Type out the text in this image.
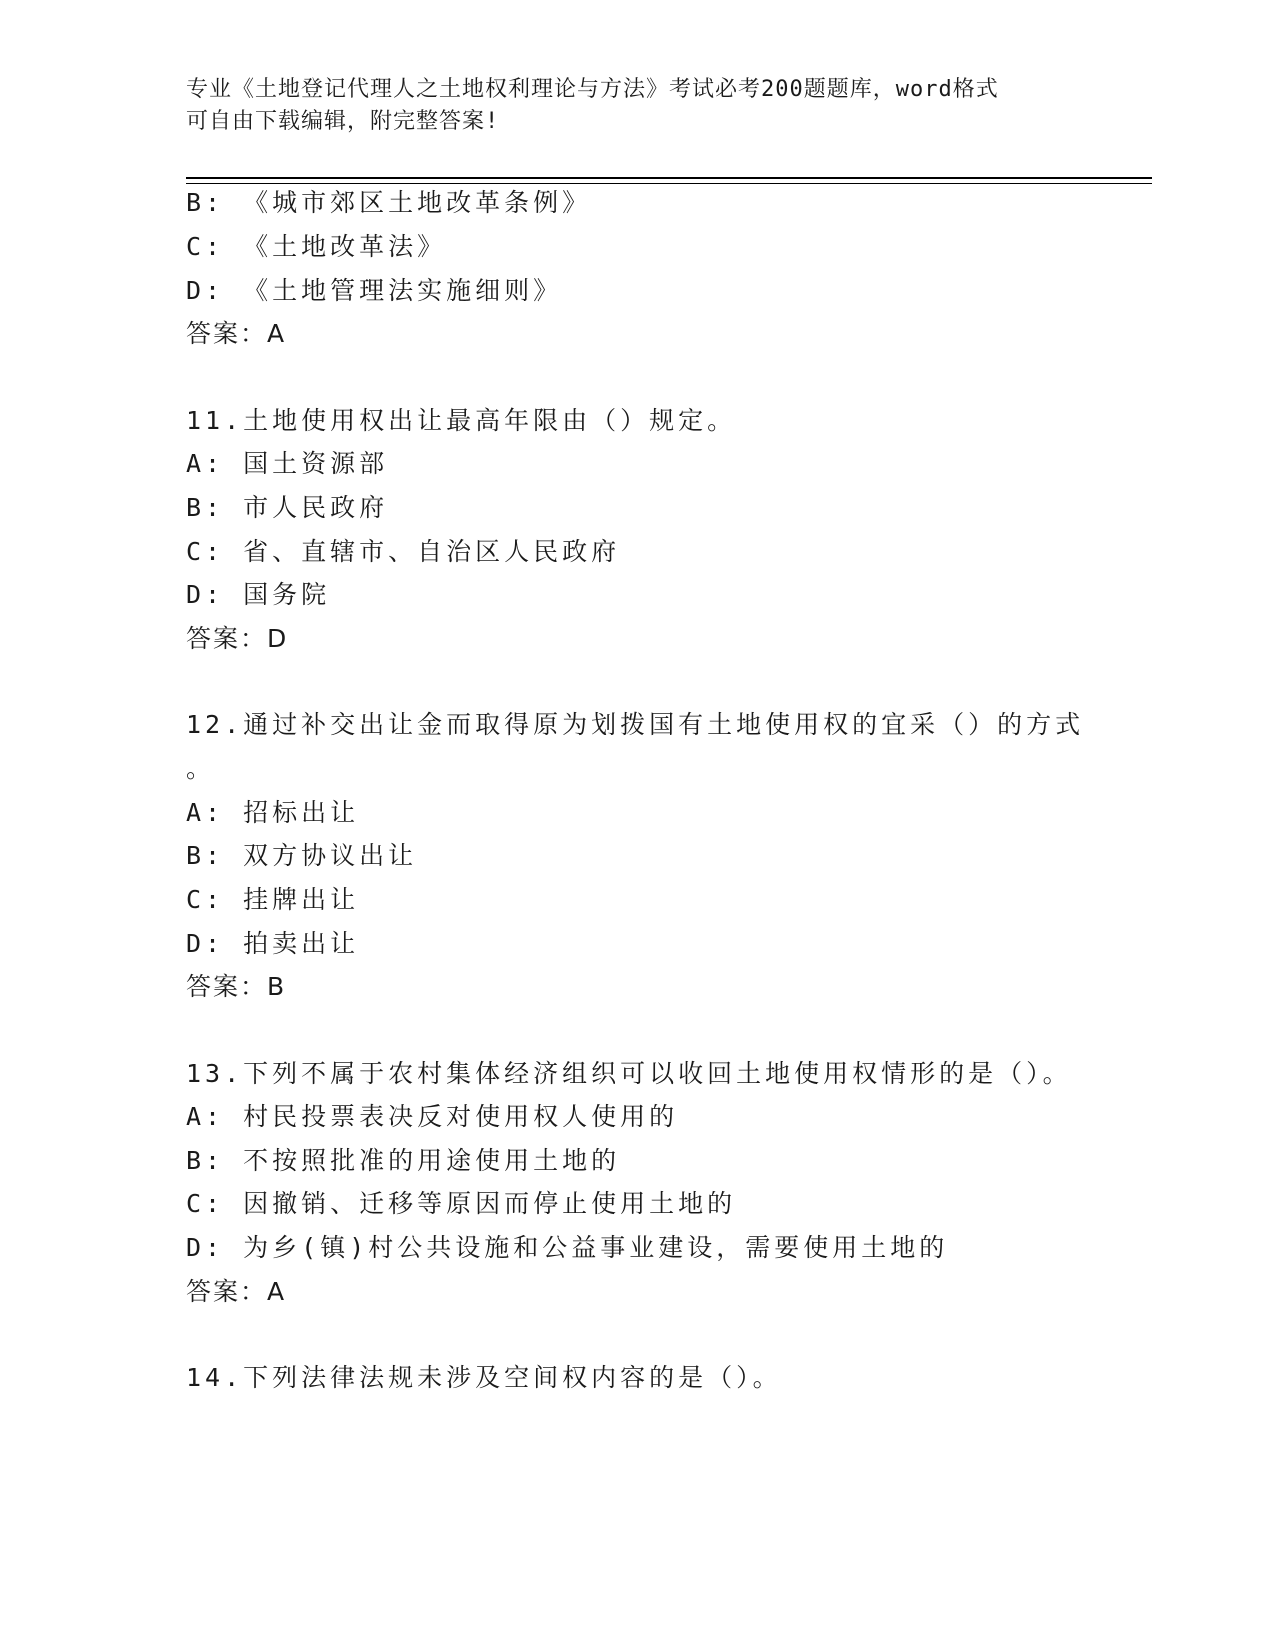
专业《土地登记代理人之土地权利理论与方法》考试必考200题题库，word格式
可自由下载编辑，附完整答案!
B: 《城市郊区土地改革条例》
C: 《土地改革法》
D: 《土地管理法实施细则》
答案：A
11.土地使用权出让最高年限由（）规定。
A: 国土资源部
B: 市人民政府
C: 省、直辖市、自治区人民政府
D: 国务院
答案：D
12.通过补交出让金而取得原为划拨国有土地使用权的宜采（）的方式
。
A: 招标出让
B: 双方协议出让
C: 挂牌出让
D: 拍卖出让
答案：B
13.下列不属于农村集体经济组织可以收回土地使用权情形的是（）。
A: 村民投票表决反对使用权人使用的
B: 不按照批准的用途使用土地的
C: 因撤销、迁移等原因而停止使用土地的
D: 为乡(镇)村公共设施和公益事业建设，需要使用土地的
答案：A
14.下列法律法规未涉及空间权内容的是（）。
